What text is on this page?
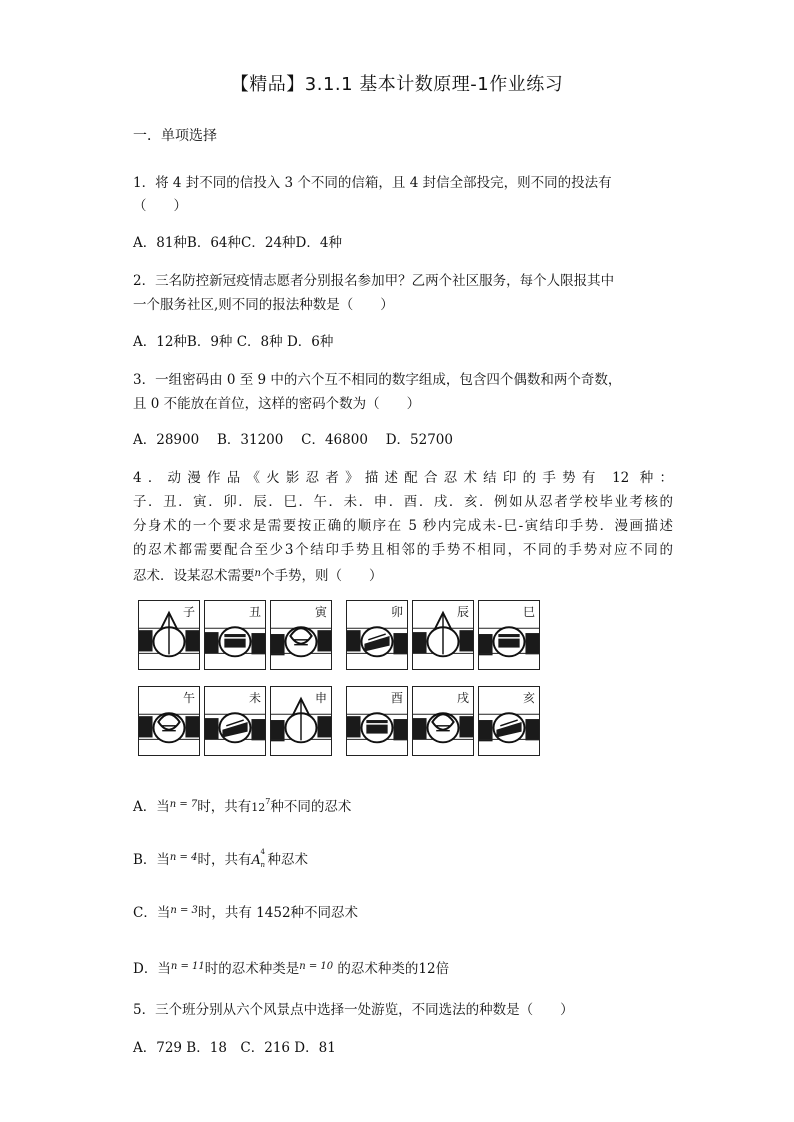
【精品】3.1.1 基本计数原理-1作业练习
一．单项选择
1．将 4 封不同的信投入 3 个不同的信箱，且 4 封信全部投完，则不同的投法有
（　　）
A．81种B．64种C．24种D．4种
2．三名防控新冠疫情志愿者分别报名参加甲？乙两个社区服务，每个人限报其中
一个服务社区,则不同的报法种数是（　　）
A．12种B．9种 C．8种 D．6种
3．一组密码由 0 至 9 中的六个互不相同的数字组成，包含四个偶数和两个奇数，
且 0 不能放在首位，这样的密码个数为（　　）
A．28900　 B．31200　 C．46800　 D．52700
4．动漫作品《火影忍者》描述配合忍术结印的手势有 12 种：
子．丑．寅．卯．辰．巳．午．未．申．酉．戌．亥．例如从忍者学校毕业考核的
分身术的一个要求是需要按正确的顺序在 5 秒内完成未-巳-寅结印手势．漫画描述
的忍术都需要配合至少3个结印手势且相邻的手势不相同，不同的手势对应不同的
忍术．设某忍术需要$^n$个手势，则（　　）
子	丑	寅	卯	辰	巳
午	未	申	酉	戌	亥
A．当$^{n = 7}$时，共有$12^7$种不同的忍术
B．当$^{n = 4}$时，共有A
4
n 种忍术
C．当$^{n = 3}$时，共有 1452种不同忍术
D．当$^{n = 11}$时的忍术种类是$^{n = 10}$ 的忍术种类的12倍
5．三个班分别从六个风景点中选择一处游览，不同选法的种数是（　　）
A．729 B．18　C．216 D．81
